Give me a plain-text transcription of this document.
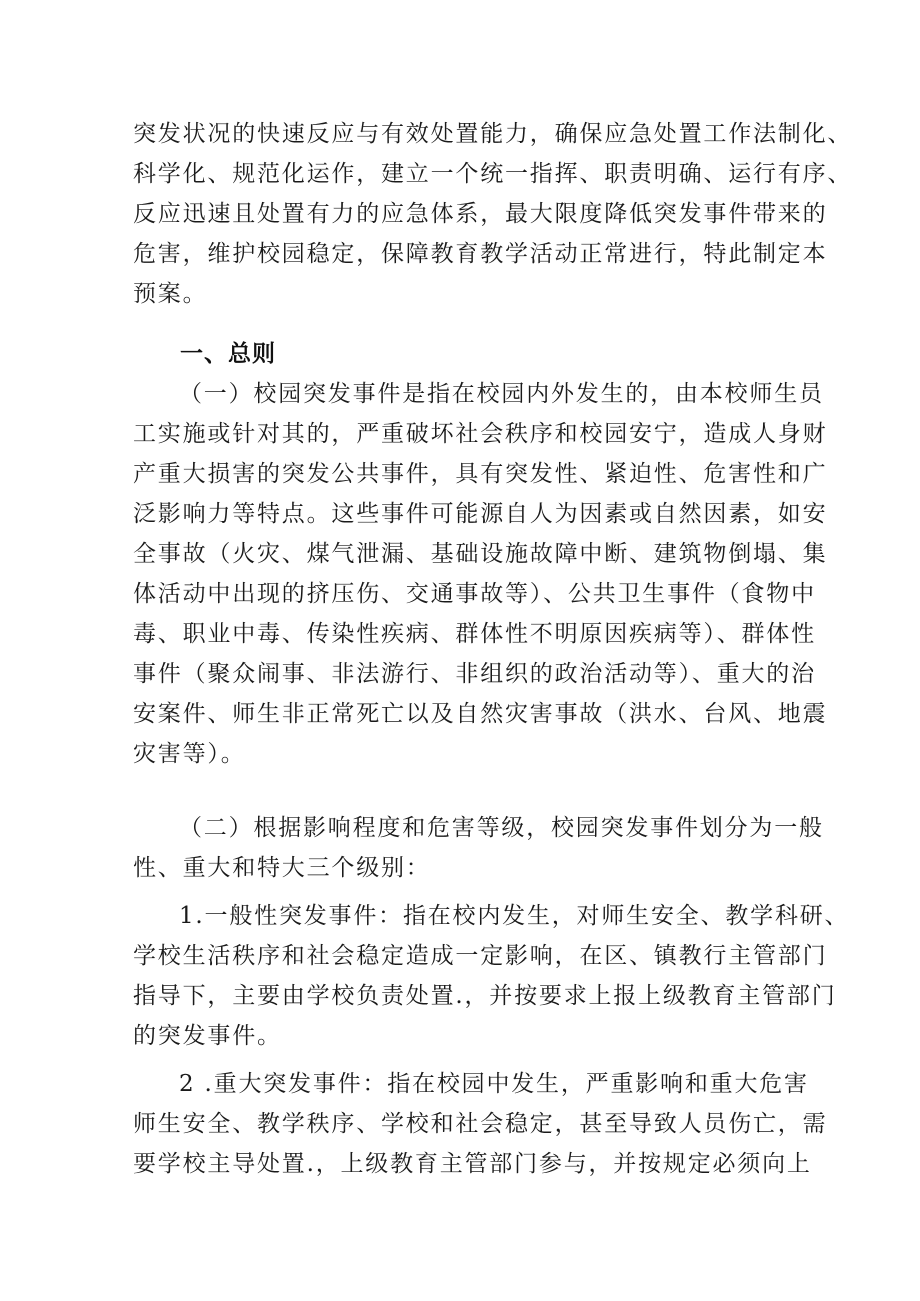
突发状况的快速反应与有效处置能力，确保应急处置工作法制化、
科学化、规范化运作，建立一个统一指挥、职责明确、运行有序、
反应迅速且处置有力的应急体系，最大限度降低突发事件带来的
危害，维护校园稳定，保障教育教学活动正常进行，特此制定本
预案。
一、总则
（一）校园突发事件是指在校园内外发生的，由本校师生员
工实施或针对其的，严重破坏社会秩序和校园安宁，造成人身财
产重大损害的突发公共事件，具有突发性、紧迫性、危害性和广
泛影响力等特点。这些事件可能源自人为因素或自然因素，如安
全事故（火灾、煤气泄漏、基础设施故障中断、建筑物倒塌、集
体活动中出现的挤压伤、交通事故等）、公共卫生事件（食物中
毒、职业中毒、传染性疾病、群体性不明原因疾病等）、群体性
事件（聚众闹事、非法游行、非组织的政治活动等）、重大的治
安案件、师生非正常死亡以及自然灾害事故（洪水、台风、地震
灾害等）。
（二）根据影响程度和危害等级，校园突发事件划分为一般
性、重大和特大三个级别：
1.一般性突发事件：指在校内发生，对师生安全、教学科研、
学校生活秩序和社会稳定造成一定影响，在区、镇教行主管部门
指导下，主要由学校负责处置.，并按要求上报上级教育主管部门
的突发事件。
2 .重大突发事件：指在校园中发生，严重影响和重大危害
师生安全、教学秩序、学校和社会稳定，甚至导致人员伤亡，需
要学校主导处置.，上级教育主管部门参与，并按规定必须向上
